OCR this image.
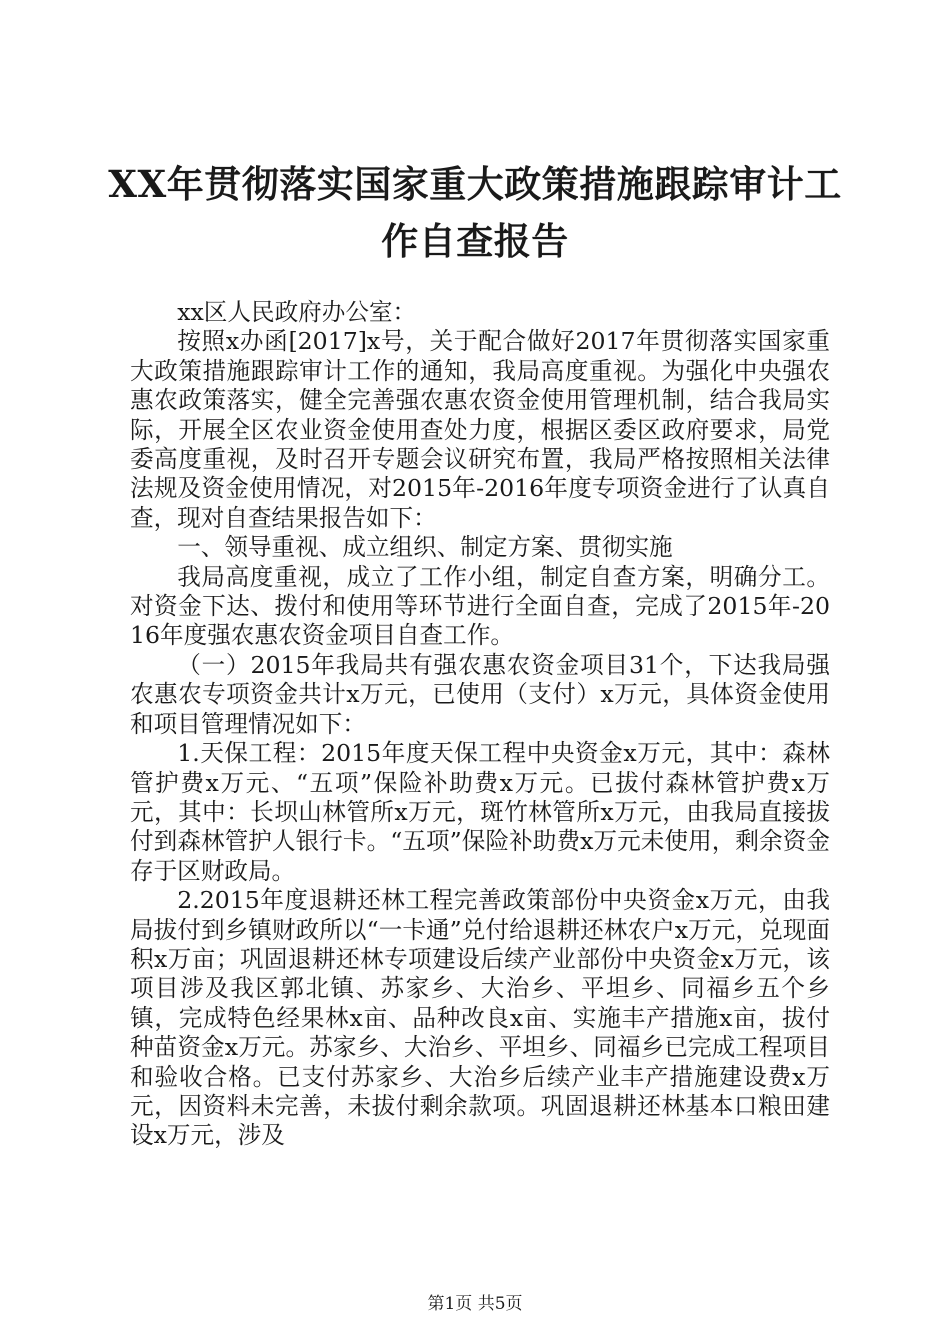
XX年贯彻落实国家重大政策措施跟踪审计工
作自查报告

xx区人民政府办公室：

按照x办函[2017]x号，关于配合做好2017年贯彻落实国家重大政策措施跟踪审计工作的通知，我局高度重视。为强化中央强农惠农政策落实，健全完善强农惠农资金使用管理机制，结合我局实际，开展全区农业资金使用查处力度，根据区委区政府要求，局党委高度重视，及时召开专题会议研究布置，我局严格按照相关法律法规及资金使用情况，对2015年-2016年度专项资金进行了认真自查，现对自查结果报告如下：

一、领导重视、成立组织、制定方案、贯彻实施

我局高度重视，成立了工作小组，制定自查方案，明确分工。对资金下达、拨付和使用等环节进行全面自查，完成了2015年-2016年度强农惠农资金项目自查工作。

（一）2015年我局共有强农惠农资金项目31个，下达我局强农惠农专项资金共计x万元，已使用（支付）x万元，具体资金使用和项目管理情况如下：

1.天保工程：2015年度天保工程中央资金x万元，其中：森林管护费x万元、“五项”保险补助费x万元。已拔付森林管护费x万元，其中：长坝山林管所x万元，斑竹林管所x万元，由我局直接拔付到森林管护人银行卡。“五项”保险补助费x万元未使用，剩余资金存于区财政局。

2.2015年度退耕还林工程完善政策部份中央资金x万元，由我局拔付到乡镇财政所以“一卡通”兑付给退耕还林农户x万元，兑现面积x万亩；巩固退耕还林专项建设后续产业部份中央资金x万元，该项目涉及我区郭北镇、苏家乡、大治乡、平坦乡、同福乡五个乡镇，完成特色经果林x亩、品种改良x亩、实施丰产措施x亩，拔付种苗资金x万元。苏家乡、大治乡、平坦乡、同福乡已完成工程项目和验收合格。已支付苏家乡、大治乡后续产业丰产措施建设费x万元，因资料未完善，未拔付剩余款项。巩固退耕还林基本口粮田建设x万元，涉及

第1页 共5页
